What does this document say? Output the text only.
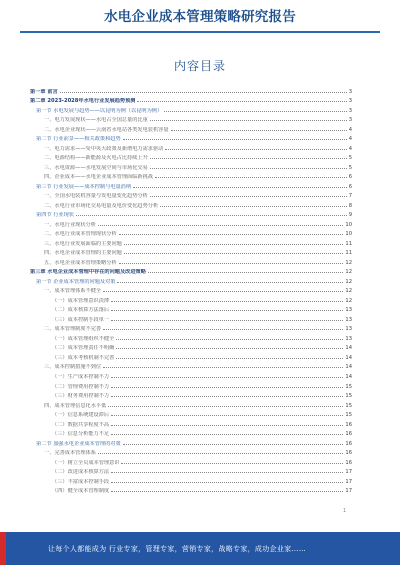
水电企业成本管理策略研究报告
内容目录
第一章 前言	3
第二章 2023-2028年水电行业发展趋势预测	3
第一节 水电发展与趋势——以昆明为例（以昆明为例）	3
一、电力发展现状——水电占全国总量的比重	3
二、水电企业现状——云南省水电站各类发电装机容量	4
第二节 行业前景——相关政策和趋势	4
一、电力需求——受中央大政策及新增电力需求驱动	4
二、电源结构——新能源及火电占比持续上升	5
三、水电资源——水电发展空间与市场化交易	5
四、企业成本——水电企业成本管理面临新挑战	6
第三节 行业发展——成本控制与电量消纳	6
一、全国水电装机容量与发电量变化趋势分析	7
二、水电行业市场化交易电量及电价变化趋势分析	8
第四节 行业现状	9
一、水电行业现状分析	10
二、水电行业成本管理现状分析	10
三、水电行业发展面临的主要问题	11
四、水电企业成本管理的主要问题	11
五、水电企业成本管理策略分析	12
第三章 水电企业成本管理中存在的问题及改进策略	12
第一节 企业成本管理的问题及对策	12
一、成本管理体系不健全	12
（一）成本管理意识淡薄	12
（二）成本核算方法落后	13
（三）成本控制手段单一	13
二、成本管理制度不完善	13
（一）成本管理组织不健全	13
（二）成本管理责任不明确	14
（三）成本考核机制不完善	14
三、成本控制措施不到位	14
（一）生产成本控制不力	14
（二）管理费用控制不力	15
（三）财务费用控制不力	15
四、成本管理信息化水平低	15
（一）信息系统建设滞后	15
（二）数据共享程度不高	16
（三）信息分析能力不足	16
第二节 加强水电企业成本管理的对策	16
一、完善成本管理体系	16
（一）树立全员成本管理意识	16
（二）改进成本核算方法	17
（三）丰富成本控制手段	17
（四）健全成本管理制度	17
1
让每个人都能成为 行业专家，管理专家，营销专家，战略专家，成功企业家……
